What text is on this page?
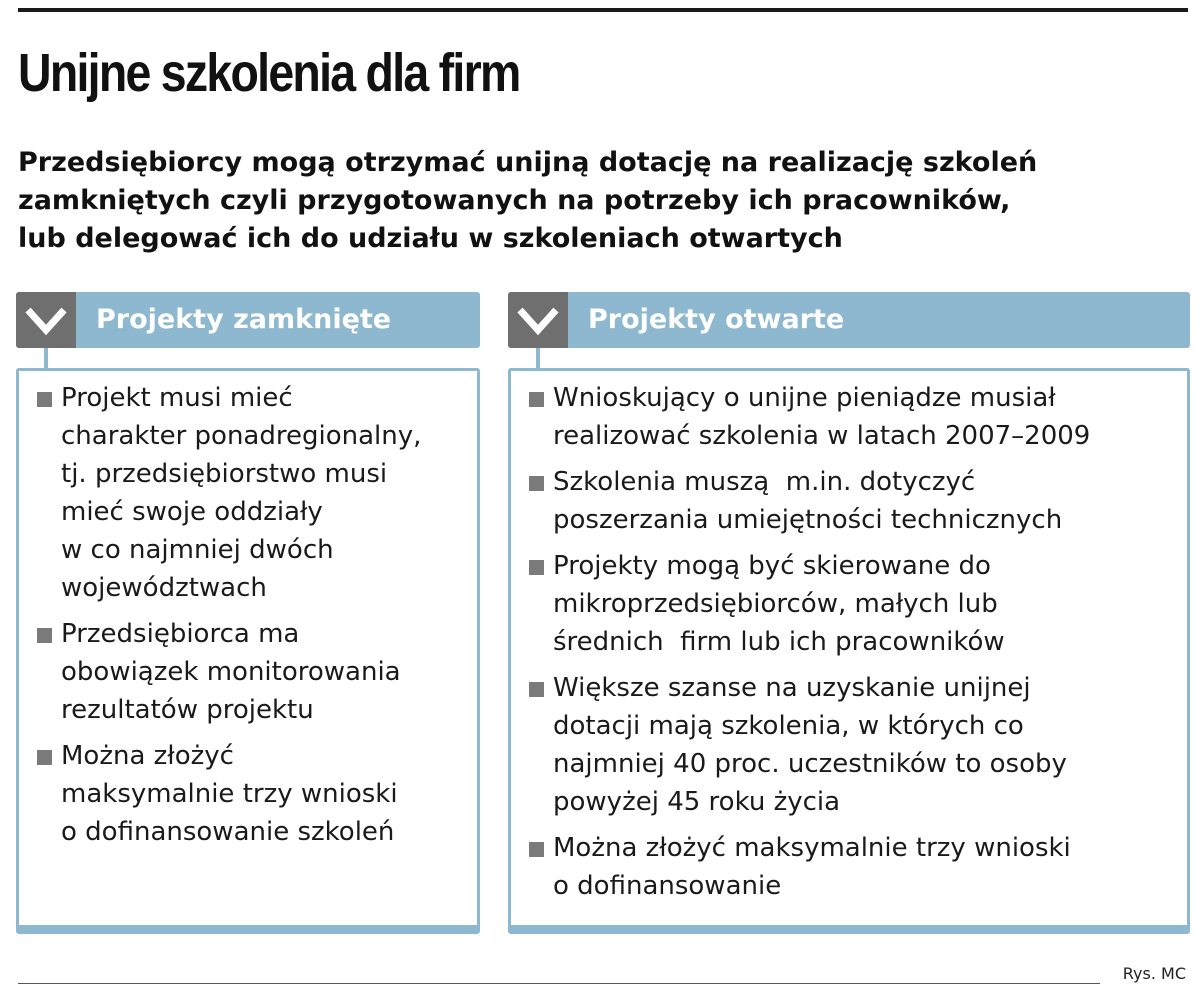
Unijne szkolenia dla firm

Przedsiębiorcy mogą otrzymać unijną dotację na realizację szkoleń
zamkniętych czyli przygotowanych na potrzeby ich pracowników,
lub delegować ich do udziału w szkoleniach otwartych

Projekty zamknięte
Projekt musi mieć
charakter ponadregionalny,
tj. przedsiębiorstwo musi
mieć swoje oddziały
w co najmniej dwóch
województwach
Przedsiębiorca ma
obowiązek monitorowania
rezultatów projektu
Można złożyć
maksymalnie trzy wnioski
o dofinansowanie szkoleń
Projekty otwarte
Wnioskujący o unijne pieniądze musiał
realizować szkolenia w latach 2007–2009
Szkolenia muszą  m.in. dotyczyć
poszerzania umiejętności technicznych
Projekty mogą być skierowane do
mikroprzedsiębiorców, małych lub
średnich  firm lub ich pracowników
Większe szanse na uzyskanie unijnej
dotacji mają szkolenia, w których co
najmniej 40 proc. uczestników to osoby
powyżej 45 roku życia
Można złożyć maksymalnie trzy wnioski
o dofinansowanie
Rys. MC
